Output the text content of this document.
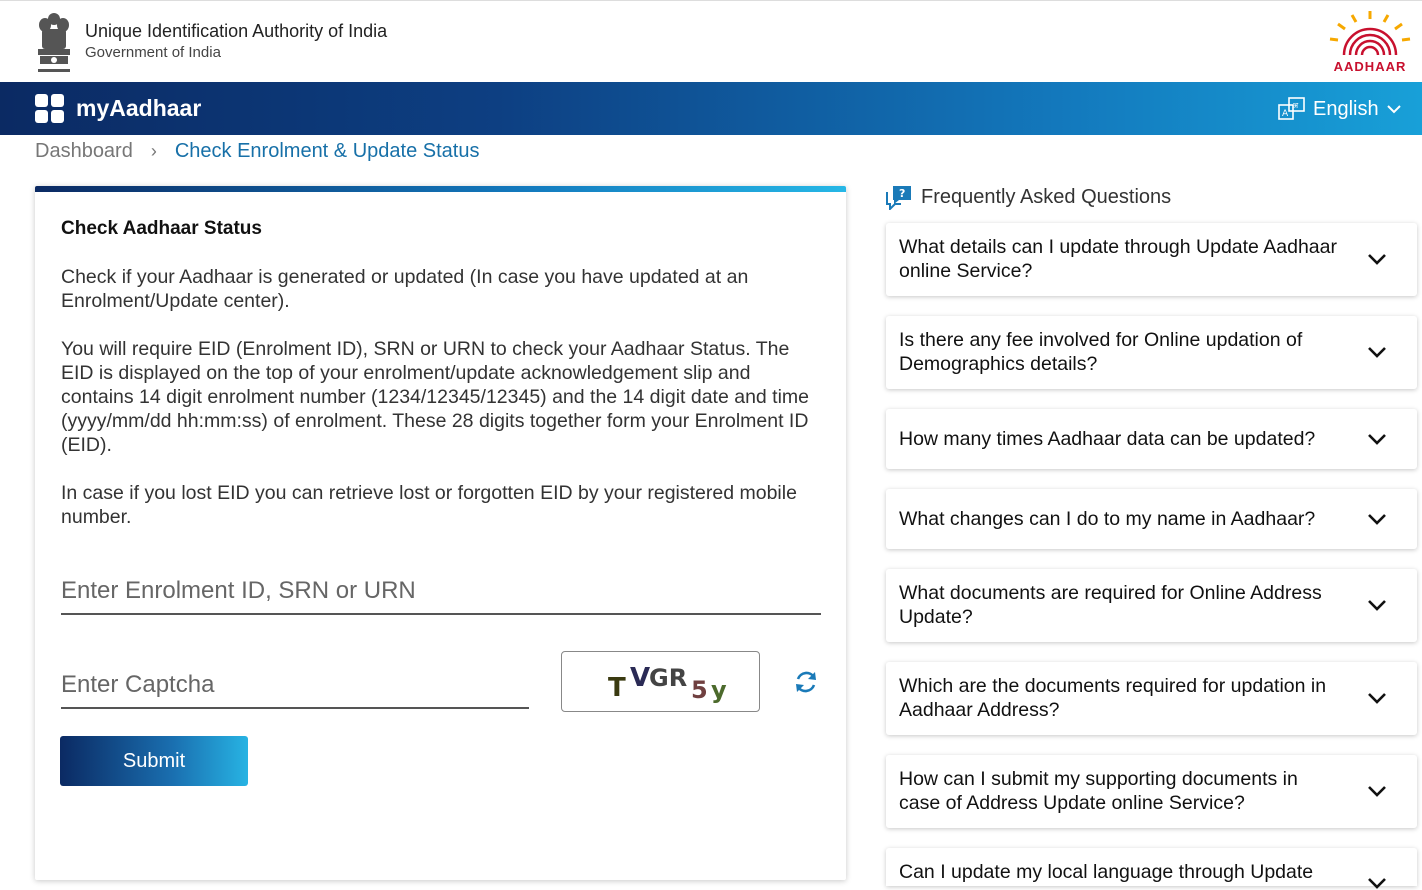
Unique Identification Authority of India
Government of India
AADHAAR
myAadhaar	A
अ English
Dashboard › Check Enrolment & Update Status
Check Aadhaar Status
Check if your Aadhaar is generated or updated (In case you have updated at an Enrolment/Update center).
You will require EID (Enrolment ID), SRN or URN to check your Aadhaar Status. The EID is displayed on the top of your enrolment/update acknowledgement slip and contains 14 digit enrolment number (1234/12345/12345) and the 14 digit date and time (yyyy/mm/dd hh:mm:ss) of enrolment. These 28 digits together form your Enrolment ID (EID).
In case if you lost EID you can retrieve lost or forgotten EID by your registered mobile number.
Enter Enrolment ID, SRN or URN
Enter Captcha
T V
GR 5 y
Submit
? Frequently Asked Questions
What details can I update through Update Aadhaar online Service?
Is there any fee involved for Online updation of Demographics details?
How many times Aadhaar data can be updated?
What changes can I do to my name in Aadhaar?
What documents are required for Online Address Update?
Which are the documents required for updation in Aadhaar Address?
How can I submit my supporting documents in case of Address Update online Service?
Can I update my local language through Update
